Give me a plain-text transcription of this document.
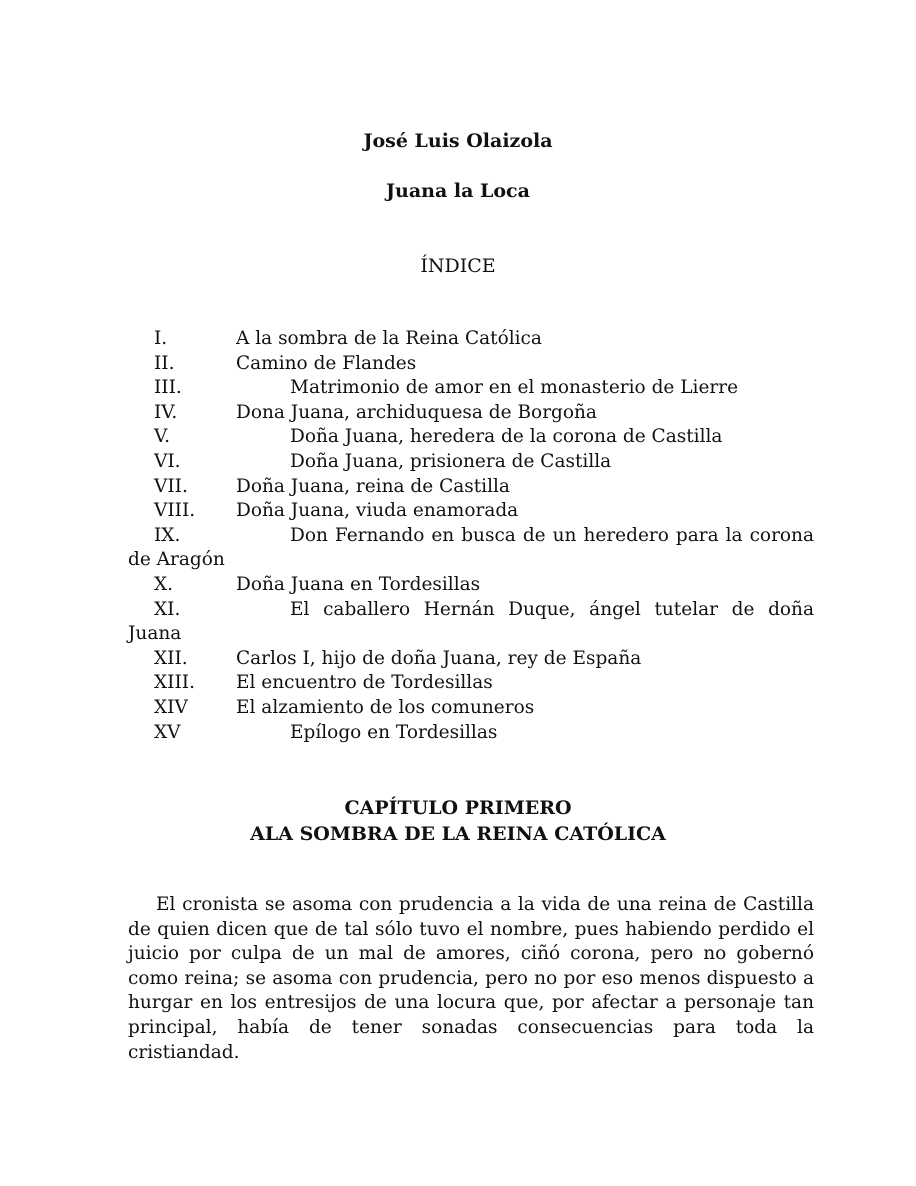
José Luis Olaizola
Juana la Loca
ÍNDICE
I.	A la sombra de la Reina Católica
II.	Camino de Flandes
III.	Matrimonio de amor en el monasterio de Lierre
IV.	Dona Juana, archiduquesa de Borgoña
V.	Doña Juana, heredera de la corona de Castilla
VI.	Doña Juana, prisionera de Castilla
VII.	Doña Juana, reina de Castilla
VIII. Doña Juana, viuda enamorada
IX.	Don Fernando en busca de un heredero para la corona de Aragón
X.	Doña Juana en Tordesillas
XI.	El caballero Hernán Duque, ángel tutelar de doña Juana
XII.	Carlos I, hijo de doña Juana, rey de España
XIII. El encuentro de Tordesillas
XIV	El alzamiento de los comuneros
XV	Epílogo en Tordesillas
CAPÍTULO PRIMERO
ALA SOMBRA DE LA REINA CATÓLICA

El cronista se asoma con prudencia a la vida de una reina de Castilla de quien dicen que de tal sólo tuvo el nombre, pues habiendo perdido el juicio por culpa de un mal de amores, ciñó corona, pero no gobernó como reina; se asoma con prudencia, pero no por eso menos dispuesto a hurgar en los entresijos de una locura que, por afectar a personaje tan principal, había de tener sonadas consecuencias para toda la cristiandad.
